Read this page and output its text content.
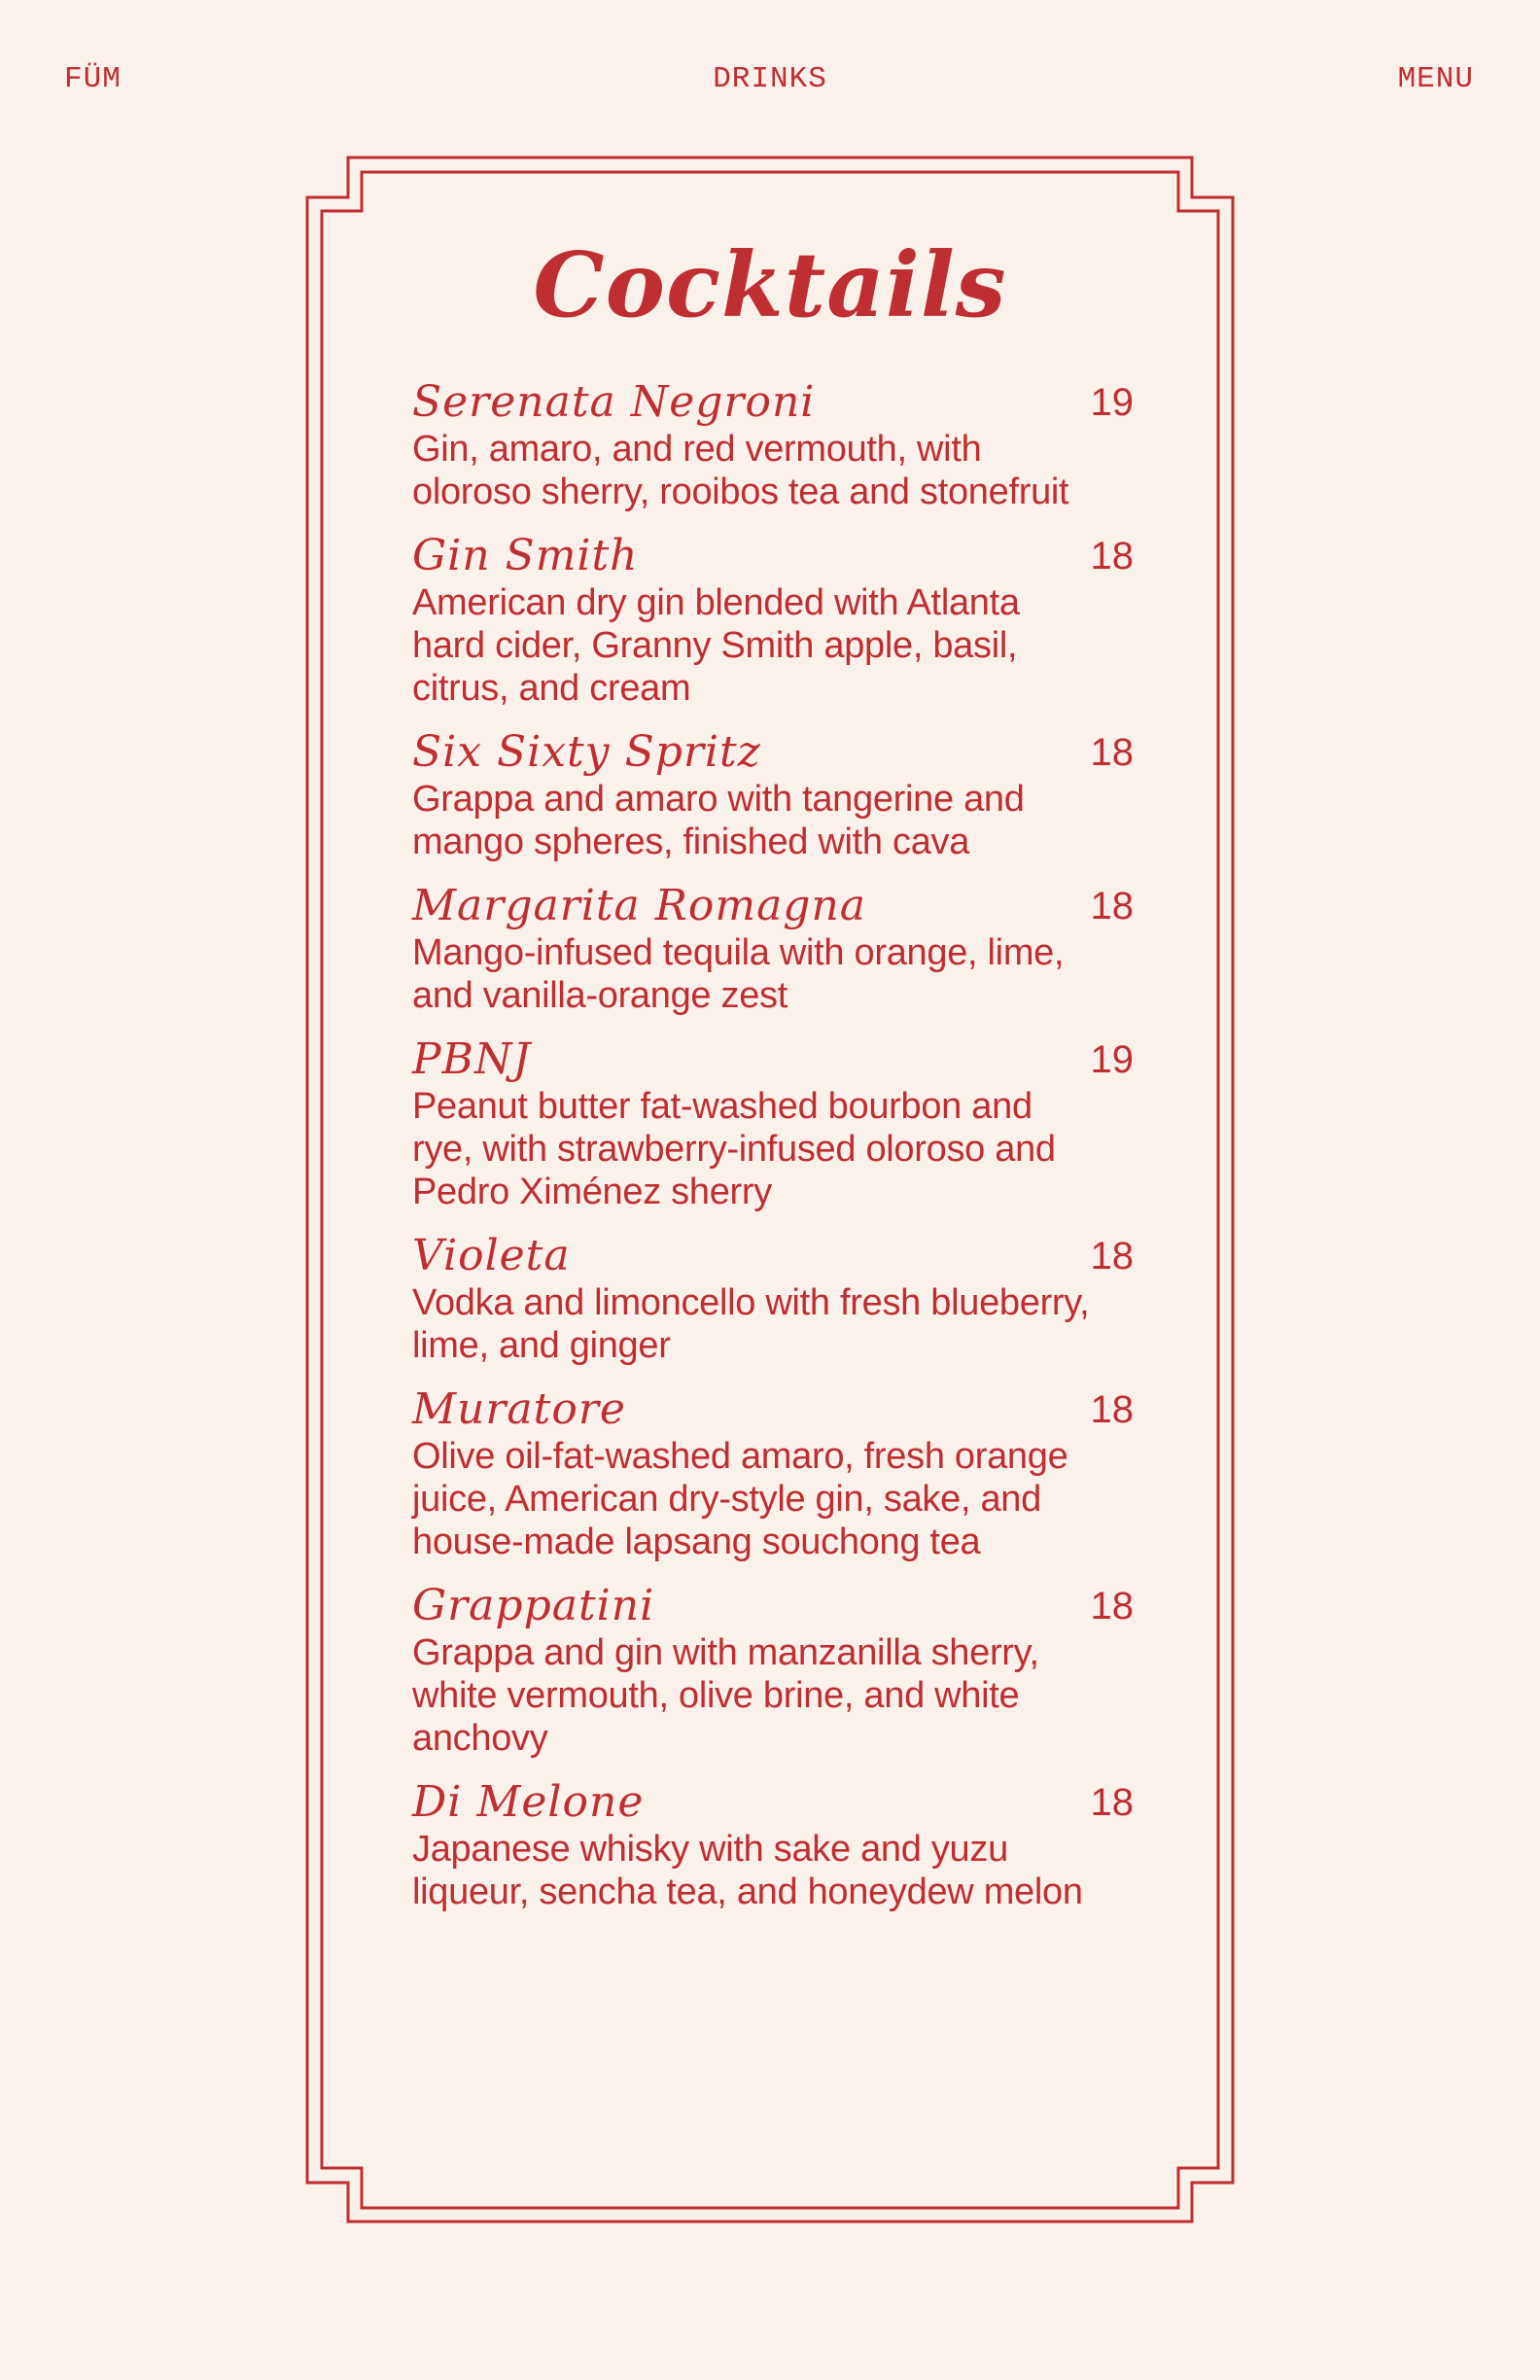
FÜM	DRINKS	MENU
Cocktails
Serenata Negroni	19
Gin, amaro, and red vermouth, with oloroso sherry, rooibos tea and stonefruit
Gin Smith	18
American dry gin blended with Atlanta hard cider, Granny Smith apple, basil, citrus, and cream
Six Sixty Spritz	18
Grappa and amaro with tangerine and mango spheres, finished with cava
Margarita Romagna	18
Mango-infused tequila with orange, lime, and vanilla-orange zest
PBNJ	19
Peanut butter fat-washed bourbon and rye, with strawberry-infused oloroso and Pedro Ximénez sherry
Violeta	18
Vodka and limoncello with fresh blueberry, lime, and ginger
Muratore	18
Olive oil-fat-washed amaro, fresh orange juice, American dry-style gin, sake, and house-made lapsang souchong tea
Grappatini	18
Grappa and gin with manzanilla sherry, white vermouth, olive brine, and white anchovy
Di Melone	18
Japanese whisky with sake and yuzu liqueur, sencha tea, and honeydew melon
